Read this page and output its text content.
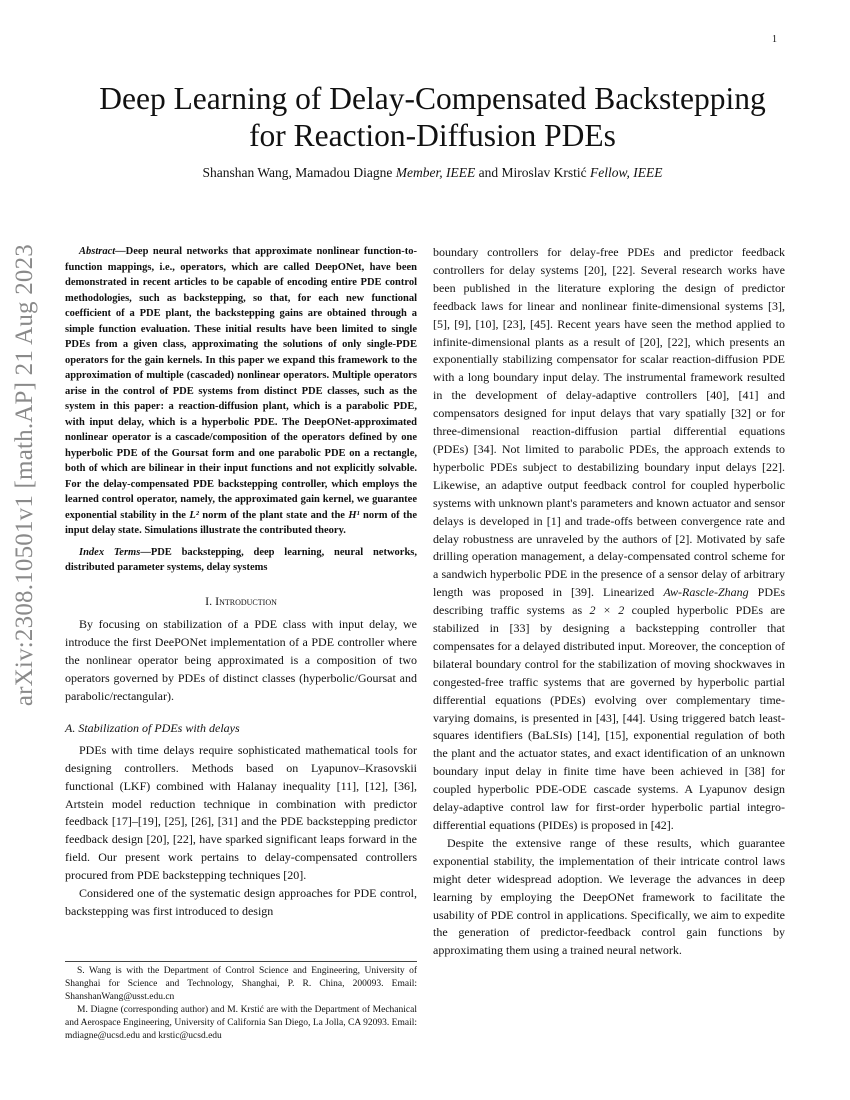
1
arXiv:2308.10501v1 [math.AP] 21 Aug 2023
Deep Learning of Delay-Compensated Backstepping
for Reaction-Diffusion PDEs
Shanshan Wang, Mamadou Diagne Member, IEEE and Miroslav Krstić Fellow, IEEE

Abstract—Deep neural networks that approximate nonlinear function-to-function mappings, i.e., operators, which are called DeepONet, have been demonstrated in recent articles to be capable of encoding entire PDE control methodologies, such as backstepping, so that, for each new functional coefficient of a PDE plant, the backstepping gains are obtained through a simple function evaluation. These initial results have been limited to single PDEs from a given class, approximating the solutions of only single-PDE operators for the gain kernels. In this paper we expand this framework to the approximation of multiple (cascaded) nonlinear operators. Multiple operators arise in the control of PDE systems from distinct PDE classes, such as the system in this paper: a reaction-diffusion plant, which is a parabolic PDE, with input delay, which is a hyperbolic PDE. The DeepONet-approximated nonlinear operator is a cascade/composition of the operators defined by one hyperbolic PDE of the Goursat form and one parabolic PDE on a rectangle, both of which are bilinear in their input functions and not explicitly solvable. For the delay-compensated PDE backstepping controller, which employs the learned control operator, namely, the approximated gain kernel, we guarantee exponential stability in the L² norm of the plant state and the H¹ norm of the input delay state. Simulations illustrate the contributed theory.

Index Terms—PDE backstepping, deep learning, neural networks, distributed parameter systems, delay systems

I. Introduction

By focusing on stabilization of a PDE class with input delay, we introduce the first DeePONet implementation of a PDE controller where the nonlinear operator being approximated is a composition of two operators governed by PDEs of distinct classes (hyperbolic/Goursat and parabolic/rectangular).

A. Stabilization of PDEs with delays

PDEs with time delays require sophisticated mathematical tools for designing controllers. Methods based on Lyapunov–Krasovskii functional (LKF) combined with Halanay inequality [11], [12], [36], Artstein model reduction technique in combination with predictor feedback [17]–[19], [25], [26], [31] and the PDE backstepping predictor feedback design [20], [22], have sparked significant leaps forward in the field. Our present work pertains to delay-compensated controllers procured from PDE backstepping techniques [20].

Considered one of the systematic design approaches for PDE control, backstepping was first introduced to design

S. Wang is with the Department of Control Science and Engineering, University of Shanghai for Science and Technology, Shanghai, P. R. China, 200093. Email: ShanshanWang@usst.edu.cn

M. Diagne (corresponding author) and M. Krstić are with the Department of Mechanical and Aerospace Engineering, University of California San Diego, La Jolla, CA 92093. Email: mdiagne@ucsd.edu and krstic@ucsd.edu

boundary controllers for delay-free PDEs and predictor feedback controllers for delay systems [20], [22]. Several research works have been published in the literature exploring the design of predictor feedback laws for linear and nonlinear finite-dimensional systems [3], [5], [9], [10], [23], [45]. Recent years have seen the method applied to infinite-dimensional plants as a result of [20], [22], which presents an exponentially stabilizing compensator for scalar reaction-diffusion PDE with a long boundary input delay. The instrumental framework resulted in the development of delay-adaptive controllers [40], [41] and compensators designed for input delays that vary spatially [32] or for three-dimensional reaction-diffusion partial differential equations (PDEs) [34]. Not limited to parabolic PDEs, the approach extends to hyperbolic PDEs subject to destabilizing boundary input delays [22]. Likewise, an adaptive output feedback control for coupled hyperbolic systems with unknown plant's parameters and known actuator and sensor delays is developed in [1] and trade-offs between convergence rate and delay robustness are unraveled by the authors of [2]. Motivated by safe drilling operation management, a delay-compensated control scheme for a sandwich hyperbolic PDE in the presence of a sensor delay of arbitrary length was proposed in [39]. Linearized Aw-Rascle-Zhang PDEs describing traffic systems as 2 × 2 coupled hyperbolic PDEs are stabilized in [33] by designing a backstepping controller that compensates for a delayed distributed input. Moreover, the conception of bilateral boundary control for the stabilization of moving shockwaves in congested-free traffic systems that are governed by hyperbolic partial differential equations (PDEs) evolving over complementary time-varying domains, is presented in [43], [44]. Using triggered batch least-squares identifiers (BaLSIs) [14], [15], exponential regulation of both the plant and the actuator states, and exact identification of an unknown boundary input delay in finite time have been achieved in [38] for coupled hyperbolic PDE-ODE cascade systems. A Lyapunov design delay-adaptive control law for first-order hyperbolic partial integro-differential equations (PIDEs) is proposed in [42].

Despite the extensive range of these results, which guarantee exponential stability, the implementation of their intricate control laws might deter widespread adoption. We leverage the advances in deep learning by employing the DeepONet framework to facilitate the usability of PDE control in applications. Specifically, we aim to expedite the generation of predictor-feedback control gain functions by approximating them using a trained neural network.
